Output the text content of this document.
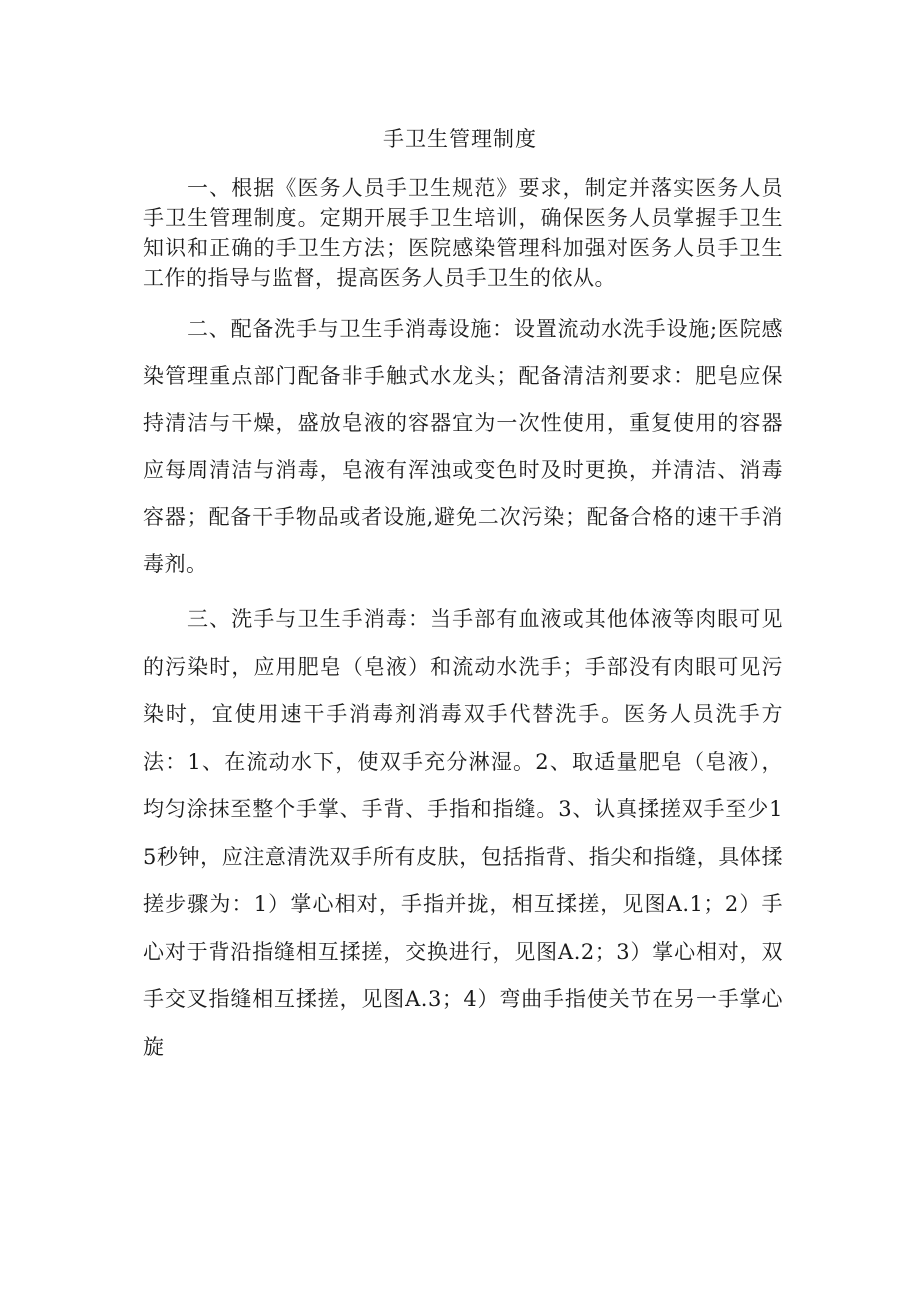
手卫生管理制度

一、根据《医务人员手卫生规范》要求，制定并落实医务人员手卫生管理制度。定期开展手卫生培训，确保医务人员掌握手卫生知识和正确的手卫生方法；医院感染管理科加强对医务人员手卫生工作的指导与监督，提高医务人员手卫生的依从。

二、配备洗手与卫生手消毒设施：设置流动水洗手设施;医院感染管理重点部门配备非手触式水龙头；配备清洁剂要求：肥皂应保持清洁与干燥，盛放皂液的容器宜为一次性使用，重复使用的容器应每周清洁与消毒，皂液有浑浊或变色时及时更换，并清洁、消毒容器；配备干手物品或者设施,避免二次污染；配备合格的速干手消毒剂。

三、洗手与卫生手消毒：当手部有血液或其他体液等肉眼可见的污染时，应用肥皂（皂液）和流动水洗手；手部没有肉眼可见污染时，宜使用速干手消毒剂消毒双手代替洗手。医务人员洗手方法：1、在流动水下，使双手充分淋湿。2、取适量肥皂（皂液），均匀涂抹至整个手掌、手背、手指和指缝。3、认真揉搓双手至少15秒钟，应注意清洗双手所有皮肤，包括指背、指尖和指缝，具体揉搓步骤为：1）掌心相对，手指并拢，相互揉搓，见图A.1；2）手心对于背沿指缝相互揉搓，交换进行，见图A.2；3）掌心相对，双手交叉指缝相互揉搓，见图A.3；4）弯曲手指使关节在另一手掌心旋
